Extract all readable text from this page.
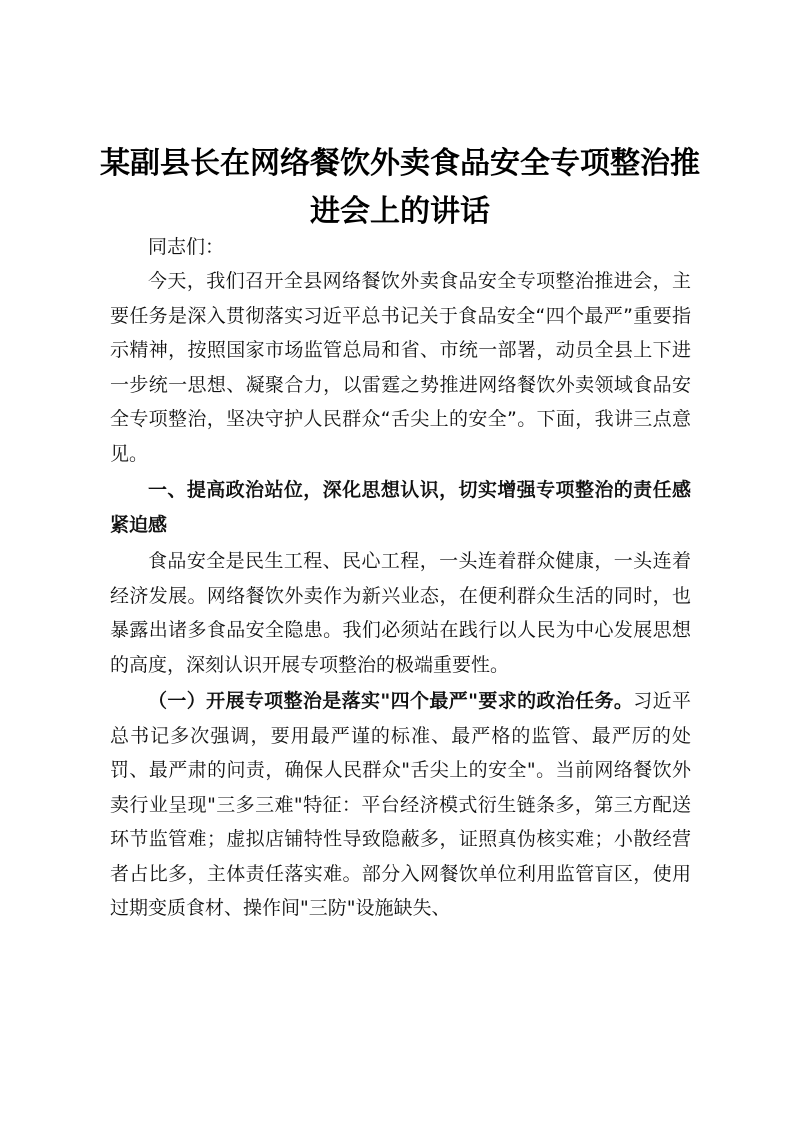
某副县长在网络餐饮外卖食品安全专项整治推进会上的讲话

同志们：

今天，我们召开全县网络餐饮外卖食品安全专项整治推进会，主要任务是深入贯彻落实习近平总书记关于食品安全“四个最严”重要指示精神，按照国家市场监管总局和省、市统一部署，动员全县上下进一步统一思想、凝聚合力，以雷霆之势推进网络餐饮外卖领域食品安全专项整治，坚决守护人民群众“舌尖上的安全”。下面，我讲三点意见。

一、提高政治站位，深化思想认识，切实增强专项整治的责任感紧迫感

食品安全是民生工程、民心工程，一头连着群众健康，一头连着经济发展。网络餐饮外卖作为新兴业态，在便利群众生活的同时，也暴露出诸多食品安全隐患。我们必须站在践行以人民为中心发展思想的高度，深刻认识开展专项整治的极端重要性。

（一）开展专项整治是落实"四个最严"要求的政治任务。习近平总书记多次强调，要用最严谨的标准、最严格的监管、最严厉的处罚、最严肃的问责，确保人民群众"舌尖上的安全"。当前网络餐饮外卖行业呈现"三多三难"特征：平台经济模式衍生链条多，第三方配送环节监管难；虚拟店铺特性导致隐蔽多，证照真伪核实难；小散经营者占比多，主体责任落实难。部分入网餐饮单位利用监管盲区，使用过期变质食材、操作间"三防"设施缺失、
